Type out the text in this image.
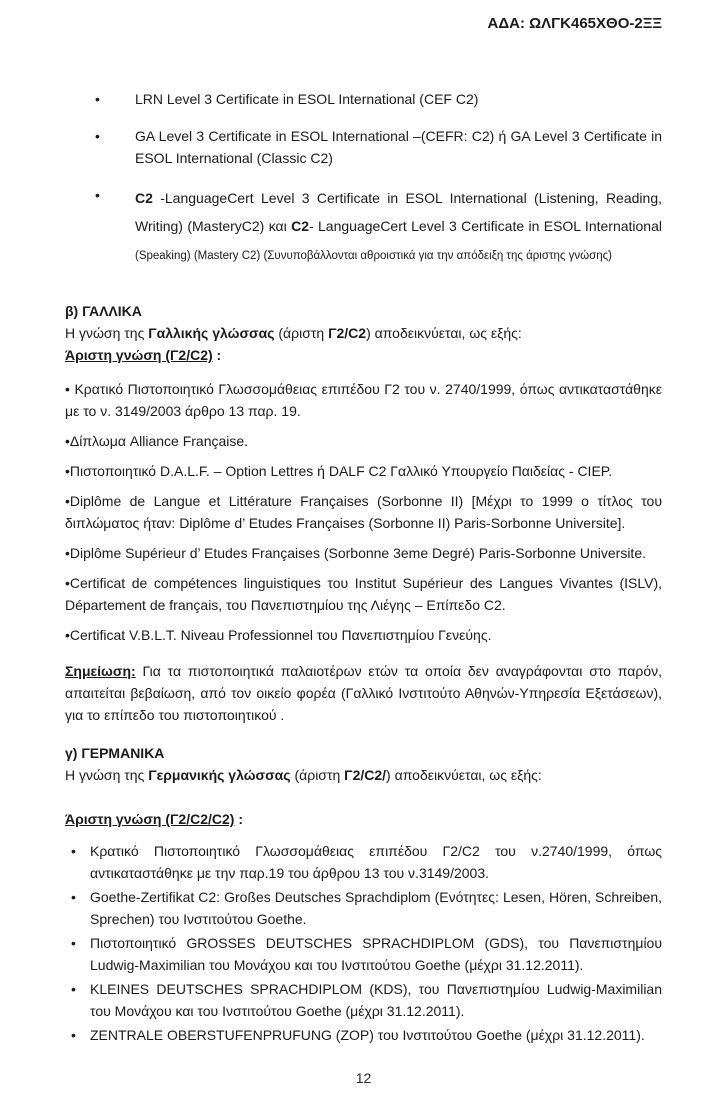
ΑΔΑ: ΩΛΓΚ465ΧΘΟ-2ΞΞ
•	LRN Level 3 Certificate in ESOL International (CEF C2)
•	GA Level 3 Certificate in ESOL International –(CEFR: C2) ή GA Level 3 Certificate in ESOL International (Classic C2)
•	C2 -LanguageCert Level 3 Certificate in ESOL International (Listening, Reading, Writing) (MasteryC2) και C2- LanguageCert Level 3 Certificate in ESOL International (Speaking) (Mastery C2) (Συνυποβάλλονται αθροιστικά για την απόδειξη της άριστης γνώσης)
β) ΓΑΛΛΙΚΑ
Η γνώση της Γαλλικής γλώσσας (άριστη Γ2/C2) αποδεικνύεται, ως εξής:
Άριστη γνώση (Γ2/C2) :

• Κρατικό Πιστοποιητικό Γλωσσομάθειας επιπέδου Γ2 του ν. 2740/1999, όπως αντικαταστάθηκε με το ν. 3149/2003 άρθρο 13 παρ. 19.

•Δίπλωμα Alliance Française.

•Πιστοποιητικό D.A.L.F. – Option Lettres ή DALF C2 Γαλλικό Υπουργείο Παιδείας - CIEP.

•Diplôme de Langue et Littérature Françaises (Sorbonne II) [Μέχρι το 1999 ο τίτλος του διπλώματος ήταν: Diplôme d’ Etudes Françaises (Sorbonne II) Paris-Sorbonne Universite].

•Diplôme Supérieur d’ Etudes Françaises (Sorbonne 3eme Degré) Paris-Sorbonne Universite.

•Certificat de compétences linguistiques του Institut Supérieur des Langues Vivantes (ISLV), Département de français, του Πανεπιστημίου της Λιέγης – Επίπεδο C2.

•Certificat V.B.L.T. Niveau Professionnel του Πανεπιστημίου Γενεύης.

Σημείωση: Για τα πιστοποιητικά παλαιοτέρων ετών τα οποία δεν αναγράφονται στο παρόν, απαιτείται βεβαίωση, από τον οικείο φορέα (Γαλλικό Ινστιτούτο Αθηνών-Υπηρεσία Εξετάσεων), για το επίπεδο του πιστοποιητικού .

γ) ΓΕΡΜΑΝΙΚΑ
Η γνώση της Γερμανικής γλώσσας (άριστη Γ2/C2/) αποδεικνύεται, ως εξής:
Άριστη γνώση (Γ2/C2/C2) :
•	Κρατικό Πιστοποιητικό Γλωσσομάθειας επιπέδου Γ2/C2 του ν.2740/1999, όπως αντικαταστάθηκε με την παρ.19 του άρθρου 13 του ν.3149/2003.
•	Goethe-Zertifikat C2: Großes Deutsches Sprachdiplom (Ενότητες: Lesen, Hören, Schreiben, Sprechen) του Ινστιτούτου Goethe.
•	Πιστοποιητικό GROSSES DEUTSCHES SPRACHDIPLOM (GDS), του Πανεπιστημίου Ludwig-Maximilian του Μονάχου και του Ινστιτούτου Goethe (μέχρι 31.12.2011).
•	KLEINES DEUTSCHES SPRACHDIPLOM (KDS), του Πανεπιστημίου Ludwig-Maximilian του Μονάχου και του Ινστιτούτου Goethe (μέχρι 31.12.2011).
•	ZENTRALE OBERSTUFENPRUFUNG (ZOP) του Ινστιτούτου Goethe (μέχρι 31.12.2011).
12
